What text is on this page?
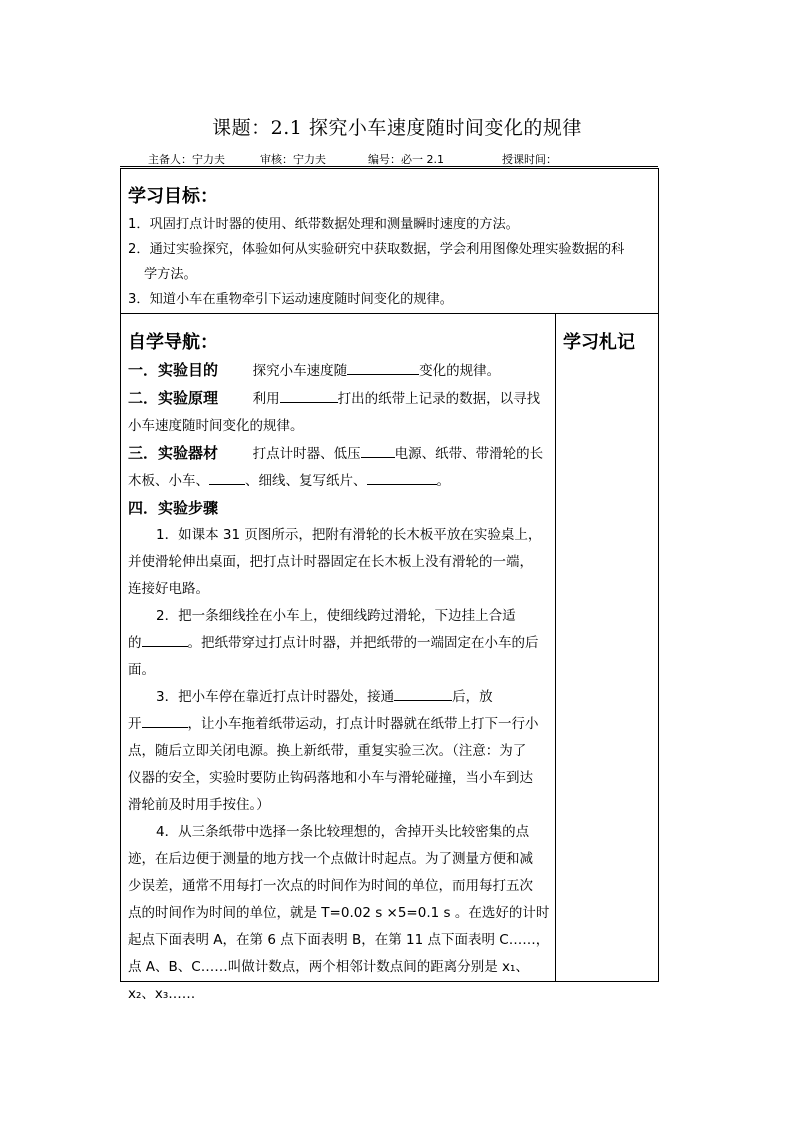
课题：2.1 探究小车速度随时间变化的规律
主备人：宁力夫	审核：宁力夫	编号：必一 2.1	授课时间：
学习目标：
1．巩固打点计时器的使用、纸带数据处理和测量瞬时速度的方法。
2．通过实验探究，体验如何从实验研究中获取数据，学会利用图像处理实验数据的科
学方法。
3．知道小车在重物牵引下运动速度随时间变化的规律。
自学导航：
一．实验目的	探究小车速度随	变化的规律。
二．实验原理	利用	打出的纸带上记录的数据，以寻找
小车速度随时间变化的规律。
三．实验器材	打点计时器、低压	电源、纸带、带滑轮的长
木板、小车、	、细线、复写纸片、	。
四．实验步骤
1．如课本 31 页图所示，把附有滑轮的长木板平放在实验桌上，
并使滑轮伸出桌面，把打点计时器固定在长木板上没有滑轮的一端，
连接好电路。
2．把一条细线拴在小车上，使细线跨过滑轮，下边挂上合适
的	。把纸带穿过打点计时器，并把纸带的一端固定在小车的后
面。
3．把小车停在靠近打点计时器处，接通	后，放
开	，让小车拖着纸带运动，打点计时器就在纸带上打下一行小
点，随后立即关闭电源。换上新纸带，重复实验三次。（注意：为了
仪器的安全，实验时要防止钩码落地和小车与滑轮碰撞，当小车到达
滑轮前及时用手按住。）
4．从三条纸带中选择一条比较理想的，舍掉开头比较密集的点
迹，在后边便于测量的地方找一个点做计时起点。为了测量方便和减
少误差，通常不用每打一次点的时间作为时间的单位，而用每打五次
点的时间作为时间的单位，就是 T=0.02 s ×5=0.1 s 。在选好的计时
起点下面表明 A，在第 6 点下面表明 B，在第 11 点下面表明 C……，
点 A、B、C……叫做计数点，两个相邻计数点间的距离分别是 x₁、
x₂、x₃……
学习札记
